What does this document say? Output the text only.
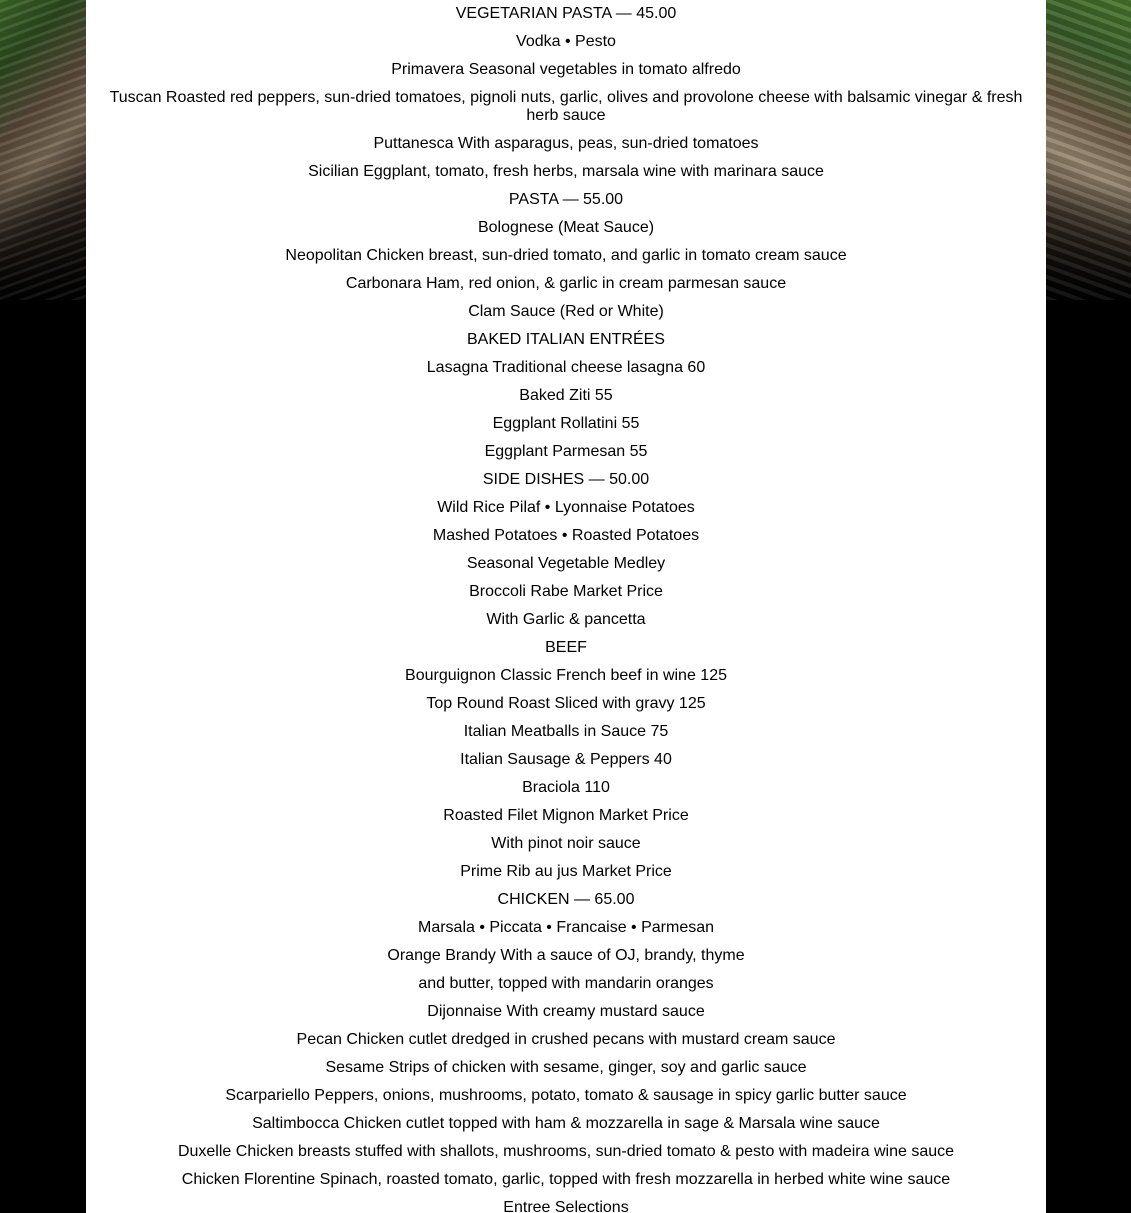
VEGETARIAN PASTA — 45.00
Vodka • Pesto
Primavera Seasonal vegetables in tomato alfredo
Tuscan Roasted red peppers, sun-dried tomatoes, pignoli nuts, garlic, olives and provolone cheese with balsamic vinegar & fresh herb sauce
Puttanesca With asparagus, peas, sun-dried tomatoes
Sicilian Eggplant, tomato, fresh herbs, marsala wine with marinara sauce
PASTA — 55.00
Bolognese (Meat Sauce)
Neopolitan Chicken breast, sun-dried tomato, and garlic in tomato cream sauce
Carbonara Ham, red onion, & garlic in cream parmesan sauce
Clam Sauce (Red or White)
BAKED ITALIAN ENTRÉES
Lasagna Traditional cheese lasagna 60
Baked Ziti 55
Eggplant Rollatini 55
Eggplant Parmesan 55
SIDE DISHES — 50.00
Wild Rice Pilaf • Lyonnaise Potatoes
Mashed Potatoes • Roasted Potatoes
Seasonal Vegetable Medley
Broccoli Rabe Market Price
With Garlic & pancetta
BEEF
Bourguignon Classic French beef in wine 125
Top Round Roast Sliced with gravy 125
Italian Meatballs in Sauce 75
Italian Sausage & Peppers 40
Braciola 110
Roasted Filet Mignon Market Price
With pinot noir sauce
Prime Rib au jus Market Price
CHICKEN — 65.00
Marsala • Piccata • Francaise • Parmesan
Orange Brandy With a sauce of OJ, brandy, thyme
and butter, topped with mandarin oranges
Dijonnaise With creamy mustard sauce
Pecan Chicken cutlet dredged in crushed pecans with mustard cream sauce
Sesame Strips of chicken with sesame, ginger, soy and garlic sauce
Scarpariello Peppers, onions, mushrooms, potato, tomato & sausage in spicy garlic butter sauce
Saltimbocca Chicken cutlet topped with ham & mozzarella in sage & Marsala wine sauce
Duxelle Chicken breasts stuffed with shallots, mushrooms, sun-dried tomato & pesto with madeira wine sauce
Chicken Florentine Spinach, roasted tomato, garlic, topped with fresh mozzarella in herbed white wine sauce
Entree Selections
